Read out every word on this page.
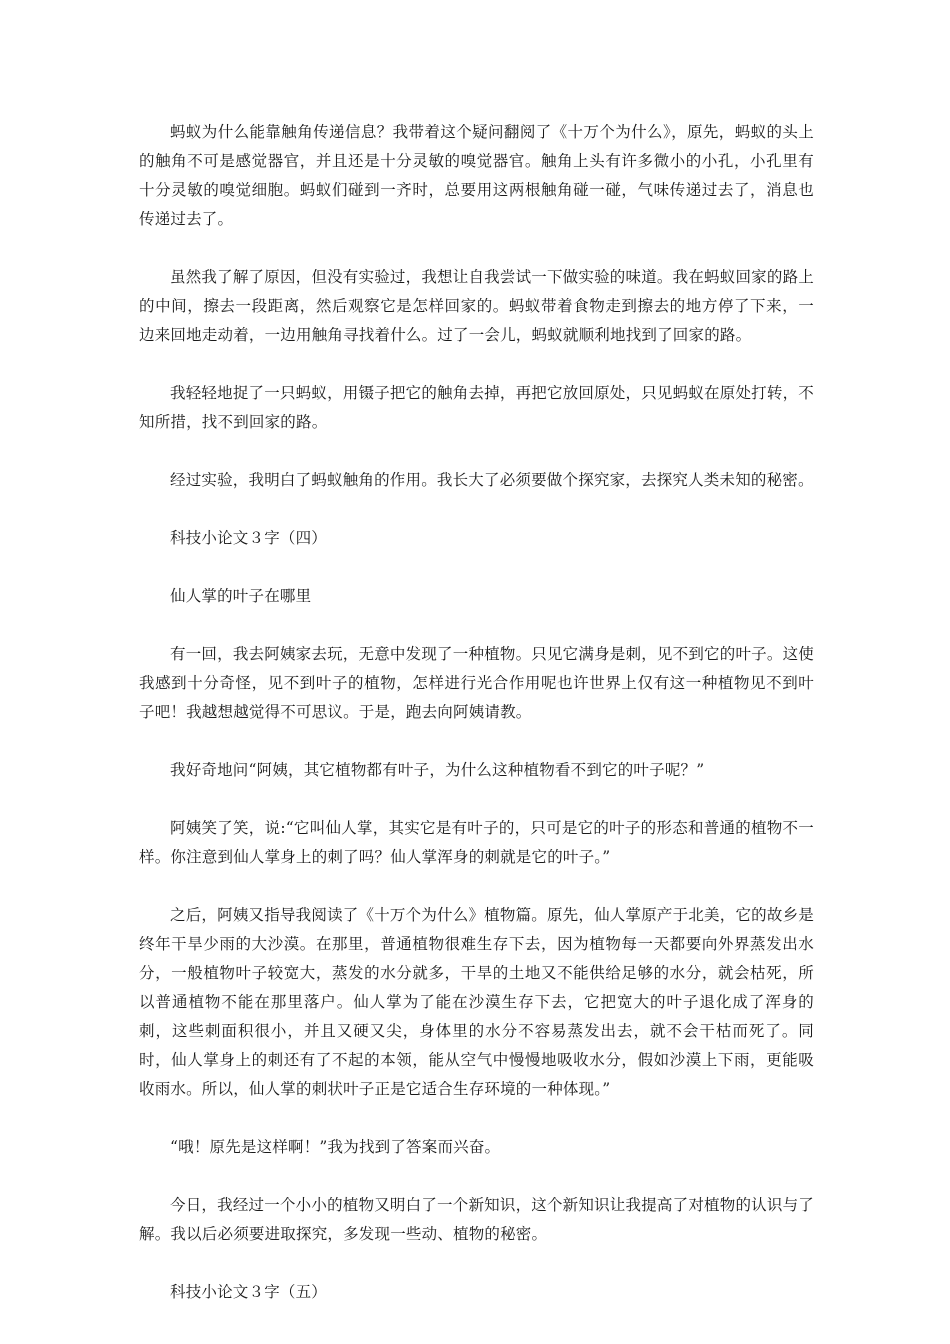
蚂蚁为什么能靠触角传递信息？我带着这个疑问翻阅了《十万个为什么》，原先，蚂蚁的头上的触角不可是感觉器官，并且还是十分灵敏的嗅觉器官。触角上头有许多微小的小孔，小孔里有十分灵敏的嗅觉细胞。蚂蚁们碰到一齐时，总要用这两根触角碰一碰，气味传递过去了，消息也传递过去了。

虽然我了解了原因，但没有实验过，我想让自我尝试一下做实验的味道。我在蚂蚁回家的路上的中间，擦去一段距离，然后观察它是怎样回家的。蚂蚁带着食物走到擦去的地方停了下来，一边来回地走动着，一边用触角寻找着什么。过了一会儿，蚂蚁就顺利地找到了回家的路。

我轻轻地捉了一只蚂蚁，用镊子把它的触角去掉，再把它放回原处，只见蚂蚁在原处打转，不知所措，找不到回家的路。

经过实验，我明白了蚂蚁触角的作用。我长大了必须要做个探究家，去探究人类未知的秘密。

科技小论文３字（四）

仙人掌的叶子在哪里

有一回，我去阿姨家去玩，无意中发现了一种植物。只见它满身是刺，见不到它的叶子。这使我感到十分奇怪，见不到叶子的植物，怎样进行光合作用呢也许世界上仅有这一种植物见不到叶子吧！我越想越觉得不可思议。于是，跑去向阿姨请教。

我好奇地问“阿姨，其它植物都有叶子，为什么这种植物看不到它的叶子呢？”

阿姨笑了笑，说:“它叫仙人掌，其实它是有叶子的，只可是它的叶子的形态和普通的植物不一样。你注意到仙人掌身上的刺了吗？仙人掌浑身的刺就是它的叶子。”

之后，阿姨又指导我阅读了《十万个为什么》植物篇。原先，仙人掌原产于北美，它的故乡是终年干旱少雨的大沙漠。在那里，普通植物很难生存下去，因为植物每一天都要向外界蒸发出水分，一般植物叶子较宽大，蒸发的水分就多，干旱的土地又不能供给足够的水分，就会枯死，所以普通植物不能在那里落户。仙人掌为了能在沙漠生存下去，它把宽大的叶子退化成了浑身的刺，这些刺面积很小，并且又硬又尖，身体里的水分不容易蒸发出去，就不会干枯而死了。同时，仙人掌身上的刺还有了不起的本领，能从空气中慢慢地吸收水分，假如沙漠上下雨，更能吸收雨水。所以，仙人掌的刺状叶子正是它适合生存环境的一种体现。”

“哦！原先是这样啊！”我为找到了答案而兴奋。

今日，我经过一个小小的植物又明白了一个新知识，这个新知识让我提高了对植物的认识与了解。我以后必须要进取探究，多发现一些动、植物的秘密。

科技小论文３字（五）
